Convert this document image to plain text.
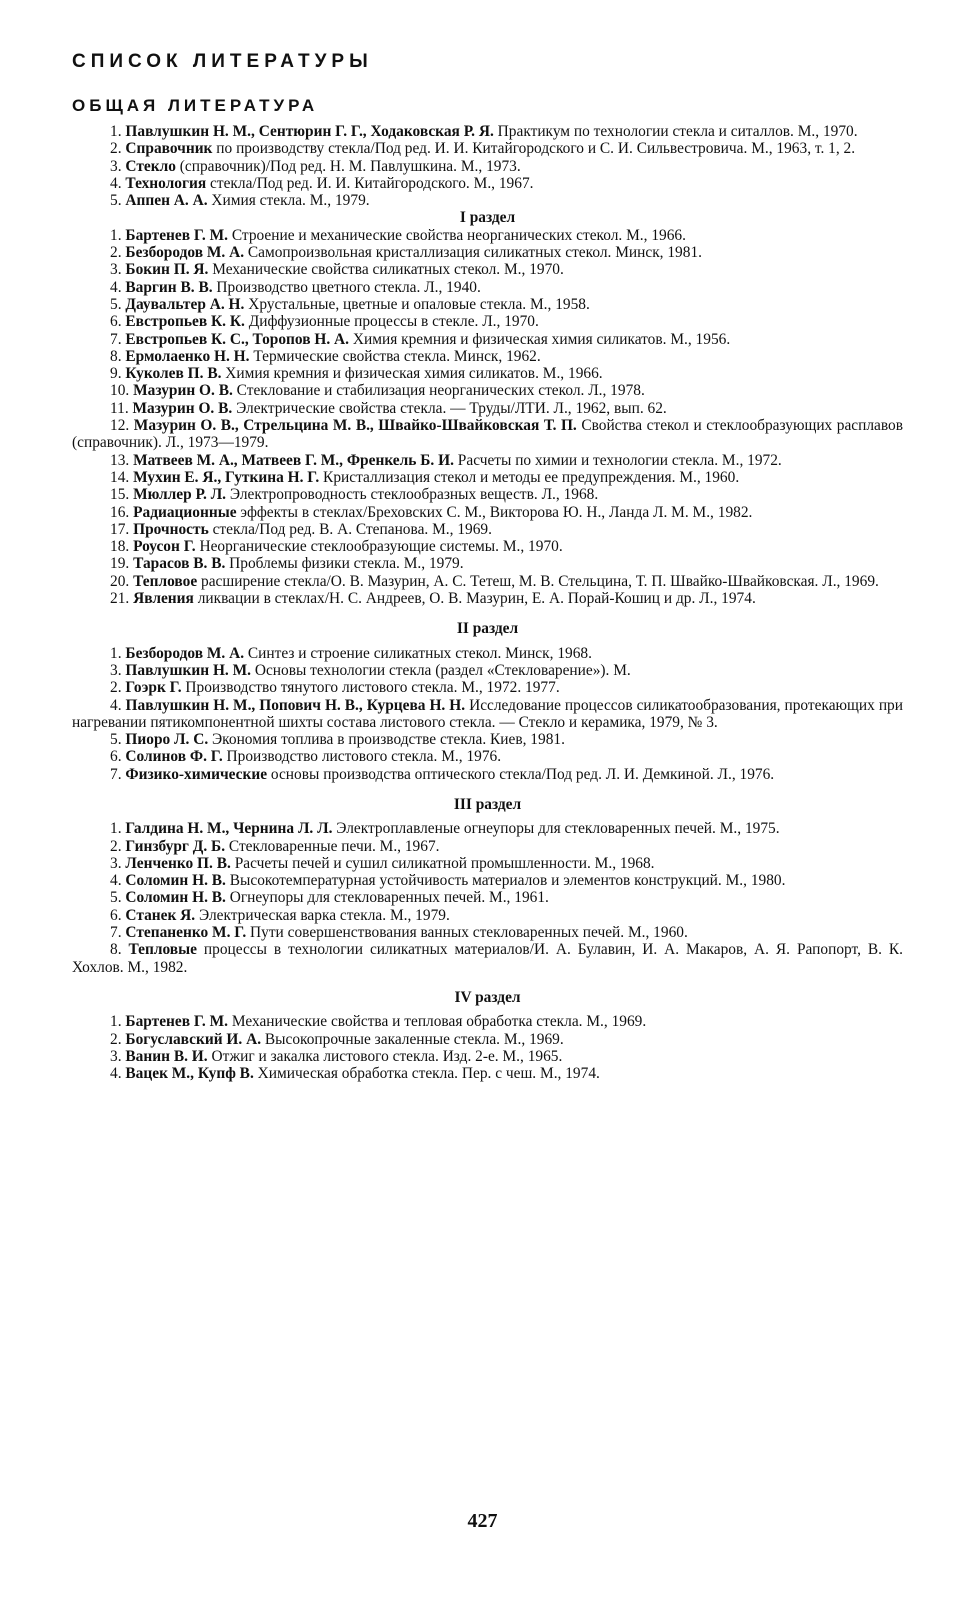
СПИСОК ЛИТЕРАТУРЫ
ОБЩАЯ ЛИТЕРАТУРА

1. Павлушкин Н. М., Сентюрин Г. Г., Ходаковская Р. Я. Практикум по технологии стекла и ситаллов. М., 1970.

2. Справочник по производству стекла/Под ред. И. И. Китайгородского и С. И. Сильвестровича. М., 1963, т. 1, 2.

3. Стекло (справочник)/Под ред. Н. М. Павлушкина. М., 1973.

4. Технология стекла/Под ред. И. И. Китайгородского. М., 1967.

5. Аппен А. А. Химия стекла. М., 1979.

I раздел

1. Бартенев Г. М. Строение и механические свойства неорганических стекол. М., 1966.

2. Безбородов М. А. Самопроизвольная кристаллизация силикатных стекол. Минск, 1981.

3. Бокин П. Я. Механические свойства силикатных стекол. М., 1970.

4. Варгин В. В. Производство цветного стекла. Л., 1940.

5. Даувальтер А. Н. Хрустальные, цветные и опаловые стекла. М., 1958.

6. Евстропьев К. К. Диффузионные процессы в стекле. Л., 1970.

7. Евстропьев К. С., Торопов Н. А. Химия кремния и физическая химия силикатов. М., 1956.

8. Ермолаенко Н. Н. Термические свойства стекла. Минск, 1962.

9. Куколев П. В. Химия кремния и физическая химия силикатов. М., 1966.

10. Мазурин О. В. Стеклование и стабилизация неорганических стекол. Л., 1978.

11. Мазурин О. В. Электрические свойства стекла. — Труды/ЛТИ. Л., 1962, вып. 62.

12. Мазурин О. В., Стрельцина М. В., Швайко-Швайковская Т. П. Свойства стекол и стеклообразующих расплавов (справочник). Л., 1973—1979.

13. Матвеев М. А., Матвеев Г. М., Френкель Б. И. Расчеты по химии и технологии стекла. М., 1972.

14. Мухин Е. Я., Гуткина Н. Г. Кристаллизация стекол и методы ее предупреждения. М., 1960.

15. Мюллер Р. Л. Электропроводность стеклообразных веществ. Л., 1968.

16. Радиационные эффекты в стеклах/Бреховских С. М., Викторова Ю. Н., Ланда Л. М. М., 1982.

17. Прочность стекла/Под ред. В. А. Степанова. М., 1969.

18. Роусон Г. Неорганические стеклообразующие системы. М., 1970.

19. Тарасов В. В. Проблемы физики стекла. М., 1979.

20. Тепловое расширение стекла/О. В. Мазурин, А. С. Тетеш, М. В. Стельцина, Т. П. Швайко-Швайковская. Л., 1969.

21. Явления ликвации в стеклах/Н. С. Андреев, О. В. Мазурин, Е. А. Порай-Кошиц и др. Л., 1974.

II раздел

1. Безбородов М. А. Синтез и строение силикатных стекол. Минск, 1968.

3. Павлушкин Н. М. Основы технологии стекла (раздел «Стекловарение»). М.

2. Гоэрк Г. Производство тянутого листового стекла. М., 1972. 1977.

4. Павлушкин Н. М., Попович Н. В., Курцева Н. Н. Исследование процессов силикатообразования, протекающих при нагревании пятикомпонентной шихты состава листового стекла. — Стекло и керамика, 1979, № 3.

5. Пиоро Л. С. Экономия топлива в производстве стекла. Киев, 1981.

6. Солинов Ф. Г. Производство листового стекла. М., 1976.

7. Физико-химические основы производства оптического стекла/Под ред. Л. И. Демкиной. Л., 1976.

III раздел

1. Галдина Н. М., Чернина Л. Л. Электроплавленые огнеупоры для стекловаренных печей. М., 1975.

2. Гинзбург Д. Б. Стекловаренные печи. М., 1967.

3. Ленченко П. В. Расчеты печей и сушил силикатной промышленности. М., 1968.

4. Соломин Н. В. Высокотемпературная устойчивость материалов и элементов конструкций. М., 1980.

5. Соломин Н. В. Огнеупоры для стекловаренных печей. М., 1961.

6. Станек Я. Электрическая варка стекла. М., 1979.

7. Степаненко М. Г. Пути совершенствования ванных стекловаренных печей. М., 1960.

8. Тепловые процессы в технологии силикатных материалов/И. А. Булавин, И. А. Макаров, А. Я. Рапопорт, В. К. Хохлов. М., 1982.

IV раздел

1. Бартенев Г. М. Механические свойства и тепловая обработка стекла. М., 1969.

2. Богуславский И. А. Высокопрочные закаленные стекла. М., 1969.

3. Ванин В. И. Отжиг и закалка листового стекла. Изд. 2-е. М., 1965.

4. Вацек М., Купф В. Химическая обработка стекла. Пер. с чеш. М., 1974.

427
